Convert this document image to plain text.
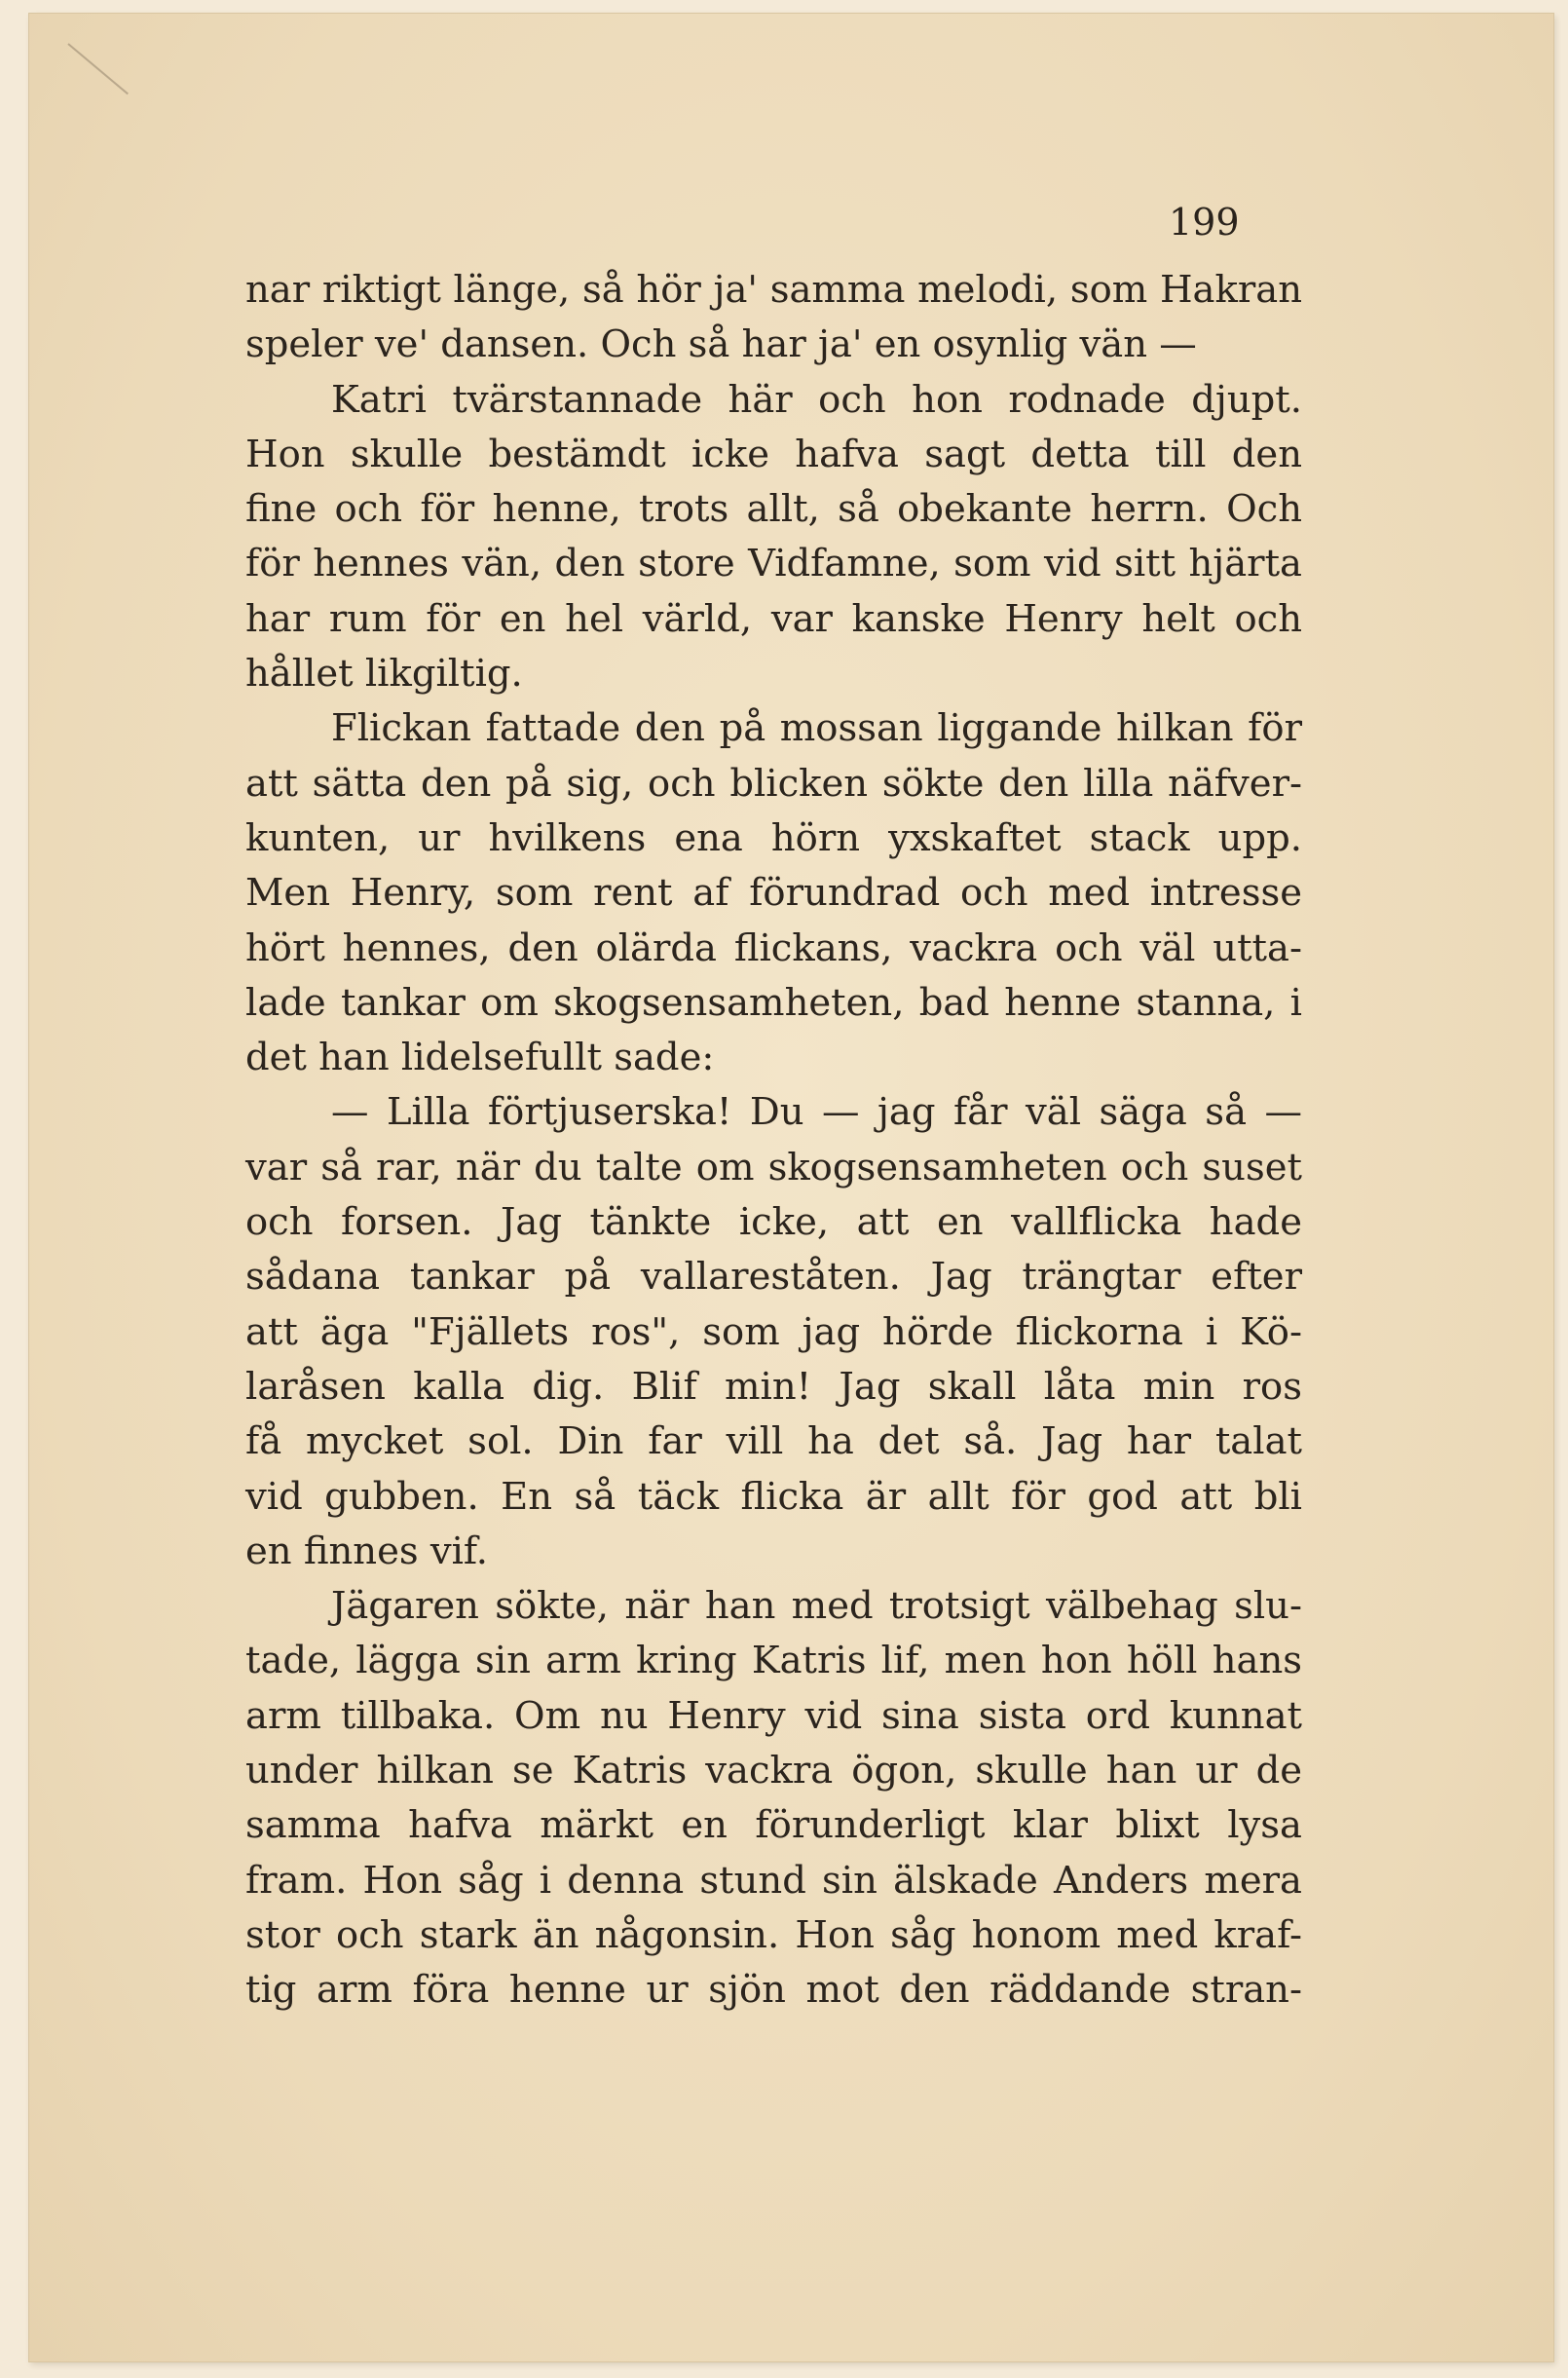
199

nar riktigt länge, så hör ja' samma melodi, som Hakran
speler ve' dansen. Och så har ja' en osynlig vän —
Katri tvärstannade här och hon rodnade djupt.
Hon skulle bestämdt icke hafva sagt detta till den
fine och för henne, trots allt, så obekante herrn. Och
för hennes vän, den store Vidfamne, som vid sitt hjärta
har rum för en hel värld, var kanske Henry helt och
hållet likgiltig.
Flickan fattade den på mossan liggande hilkan för
att sätta den på sig, och blicken sökte den lilla näfver-
kunten, ur hvilkens ena hörn yxskaftet stack upp.
Men Henry, som rent af förundrad och med intresse
hört hennes, den olärda flickans, vackra och väl utta-
lade tankar om skogsensamheten, bad henne stanna, i
det han lidelsefullt sade:
— Lilla förtjuserska! Du — jag får väl säga så —
var så rar, när du talte om skogsensamheten och suset
och forsen. Jag tänkte icke, att en vallflicka hade
sådana tankar på vallareståten. Jag trängtar efter
att äga "Fjällets ros", som jag hörde flickorna i Kö-
laråsen kalla dig. Blif min! Jag skall låta min ros
få mycket sol. Din far vill ha det så. Jag har talat
vid gubben. En så täck flicka är allt för god att bli
en finnes vif.
Jägaren sökte, när han med trotsigt välbehag slu-
tade, lägga sin arm kring Katris lif, men hon höll hans
arm tillbaka. Om nu Henry vid sina sista ord kunnat
under hilkan se Katris vackra ögon, skulle han ur de
samma hafva märkt en förunderligt klar blixt lysa
fram. Hon såg i denna stund sin älskade Anders mera
stor och stark än någonsin. Hon såg honom med kraf-
tig arm föra henne ur sjön mot den räddande stran-
